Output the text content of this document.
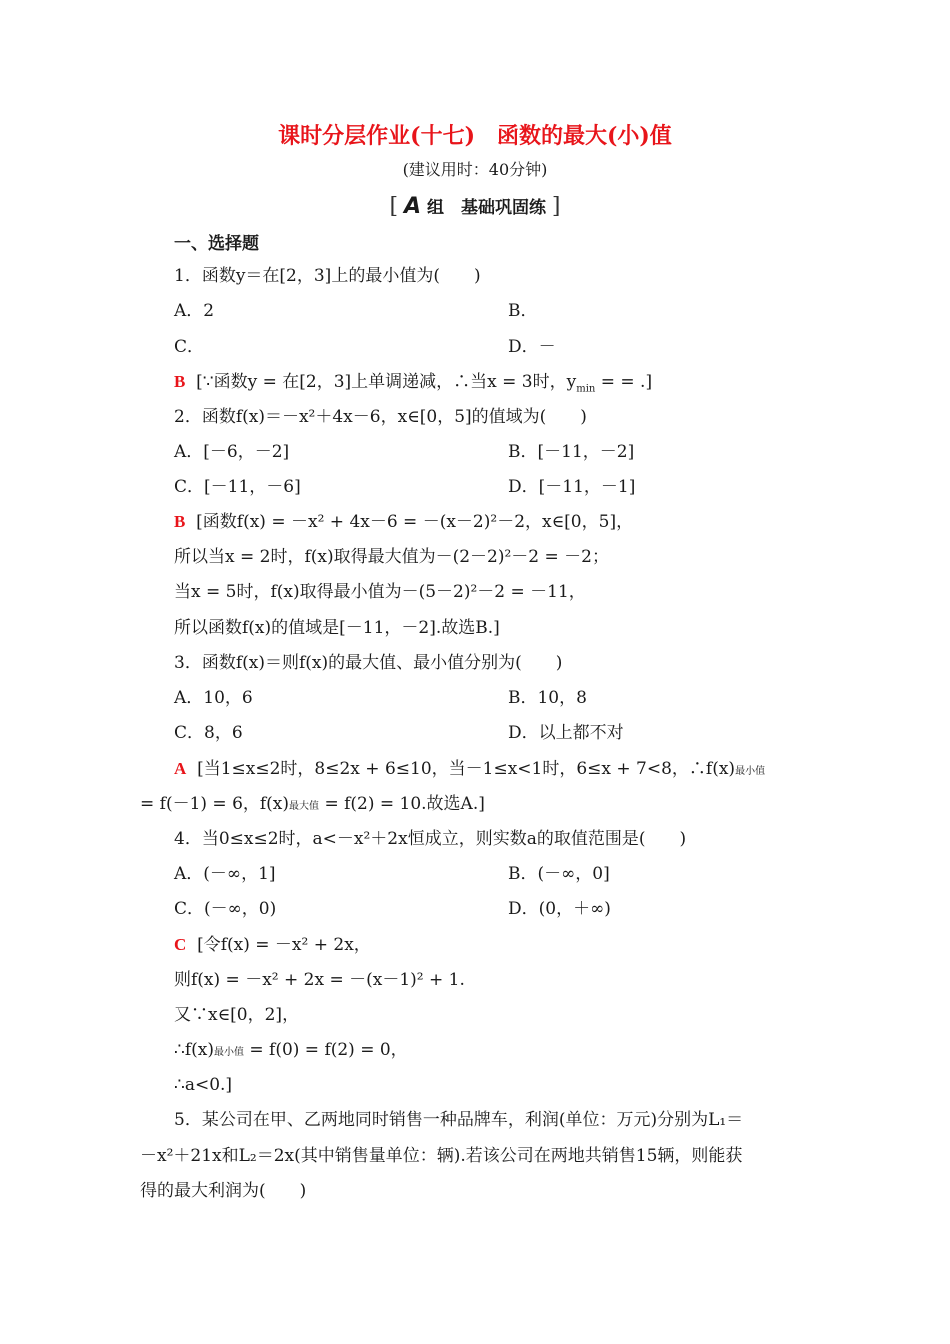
课时分层作业(十七)　函数的最大(小)值
(建议用时：40分钟)
[ A 组　基础巩固练 ]
一、选择题
1．函数y＝在[2，3]上的最小值为(　　)
A．2	B．
C．	D．－
B [∵函数y = 在[2，3]上单调递减，∴当x = 3时，$y_{min}$ = = .]
2．函数f(x)＝－x²＋4x－6，x∈[0，5]的值域为(　　)
A．[－6，－2]	B．[－11，－2]
C．[－11，－6]	D．[－11，－1]
B [函数f(x) = －x² + 4x－6 = －(x－2)²－2，x∈[0，5]，
所以当x = 2时，f(x)取得最大值为－(2－2)²－2 = －2；
当x = 5时，f(x)取得最小值为－(5－2)²－2 = －11，
所以函数f(x)的值域是[－11，－2].故选B.]
3．函数f(x)＝则f(x)的最大值、最小值分别为(　　)
A．10，6	B．10，8
C．8，6	D．以上都不对
A [当1≤x≤2时，8≤2x + 6≤10，当－1≤x<1时，6≤x + 7<8，∴f(x)最小值
= f(－1) = 6，f(x)最大值 = f(2) = 10.故选A.]
4．当0≤x≤2时，a<－x²＋2x恒成立，则实数a的取值范围是(　　)
A．(－∞，1]	B．(－∞，0]
C．(－∞，0)	D．(0，＋∞)
C [令f(x) = －x² + 2x，
则f(x) = －x² + 2x = －(x－1)² + 1.
又∵x∈[0，2]，
∴f(x)最小值 = f(0) = f(2) = 0，
∴a<0.]
5．某公司在甲、乙两地同时销售一种品牌车，利润(单位：万元)分别为L₁＝
－x²＋21x和L₂＝2x(其中销售量单位：辆).若该公司在两地共销售15辆，则能获
得的最大利润为(　　)
